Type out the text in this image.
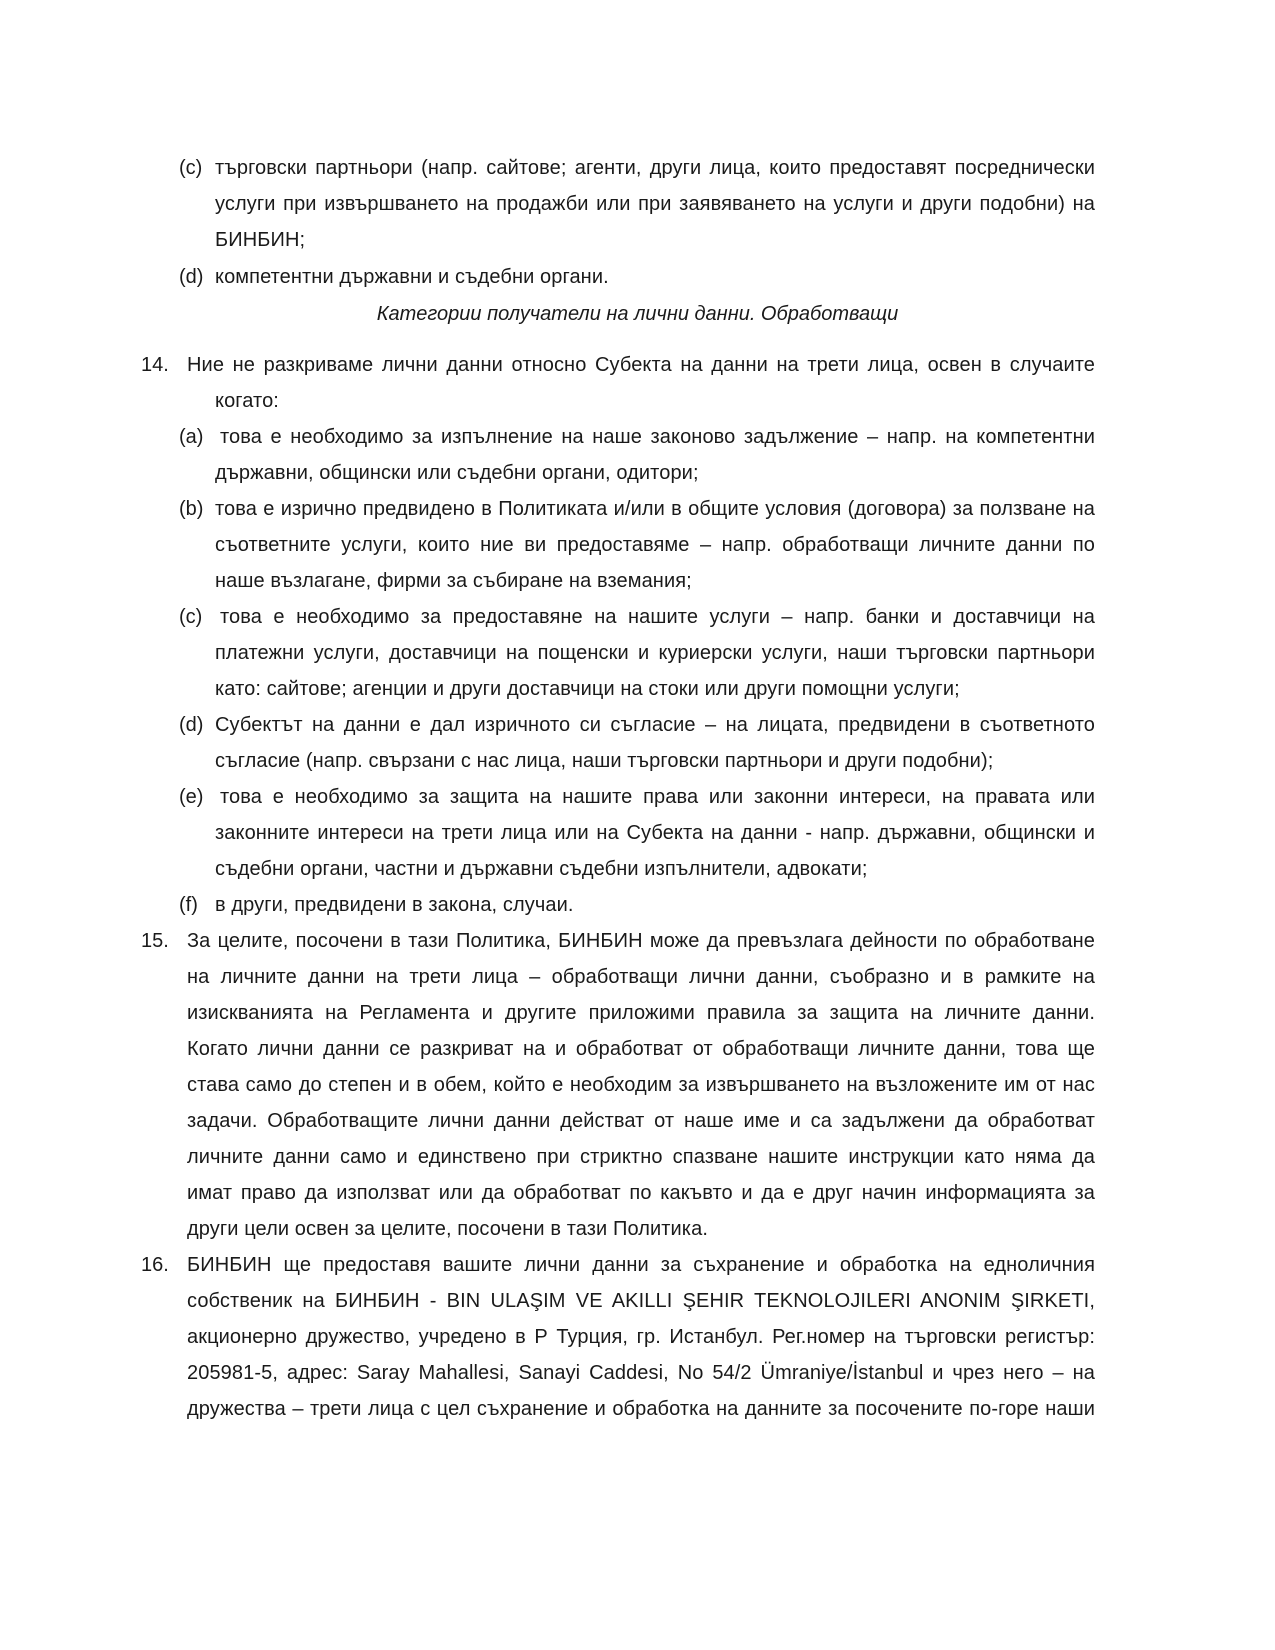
(c) търговски партньори (напр. сайтове; агенти, други лица, които предоставят посреднически
услуги при извършването на продажби или при заявяването на услуги и други подобни) на
БИНБИН;
(d) компетентни държавни и съдебни органи.
Категории получатели на лични данни. Обработващи
14. Ние не разкриваме лични данни относно Субекта на данни на трети лица, освен в случаите
когато:
(a) това е необходимо за изпълнение на наше законово задължение – напр. на компетентни
държавни, общински или съдебни органи, одитори;
(b) това е изрично предвидено в Политиката и/или в общите условия (договора) за ползване на
съответните услуги, които ние ви предоставяме – напр. обработващи личните данни по
наше възлагане, фирми за събиране на вземания;
(c) това е необходимо за предоставяне на нашите услуги – напр. банки и доставчици на
платежни услуги, доставчици на пощенски и куриерски услуги, наши търговски партньори
като: сайтове; агенции и други доставчици на стоки или други помощни услуги;
(d) Субектът на данни е дал изричното си съгласие – на лицата, предвидени в съответното
съгласие (напр. свързани с нас лица, наши търговски партньори и други подобни);
(e) това е необходимо за защита на нашите права или законни интереси, на правата или
законните интереси на трети лица или на Субекта на данни - напр. държавни, общински и
съдебни органи, частни и държавни съдебни изпълнители, адвокати;
(f) в други, предвидени в закона, случаи.
15. За целите, посочени в тази Политика, БИНБИН може да превъзлага дейности по обработване
на личните данни на трети лица – обработващи лични данни, съобразно и в рамките на
изискванията на Регламента и другите приложими правила за защита на личните данни.
Когато лични данни се разкриват на и обработват от обработващи личните данни, това ще
става само до степен и в обем, който е необходим за извършването на възложените им от нас
задачи. Обработващите лични данни действат от наше име и са задължени да обработват
личните данни само и единствено при стриктно спазване нашите инструкции като няма да
имат право да използват или да обработват по какъвто и да е друг начин информацията за
други цели освен за целите, посочени в тази Политика.
16. БИНБИН ще предоставя вашите лични данни за съхранение и обработка на едноличния
собственик на БИНБИН - BIN ULAŞIM VE AKILLI ŞEHIR TEKNOLOJILERI ANONIM ŞIRKETI,
акционерно дружество, учредено в Р Турция, гр. Истанбул. Рег.номер на търговски регистър:
205981-5, адрес: Saray Mahallesi, Sanayi Caddesi, No 54/2 Ümraniye/İstanbul и чрез него – на
дружества – трети лица с цел съхранение и обработка на данните за посочените по-горе наши
